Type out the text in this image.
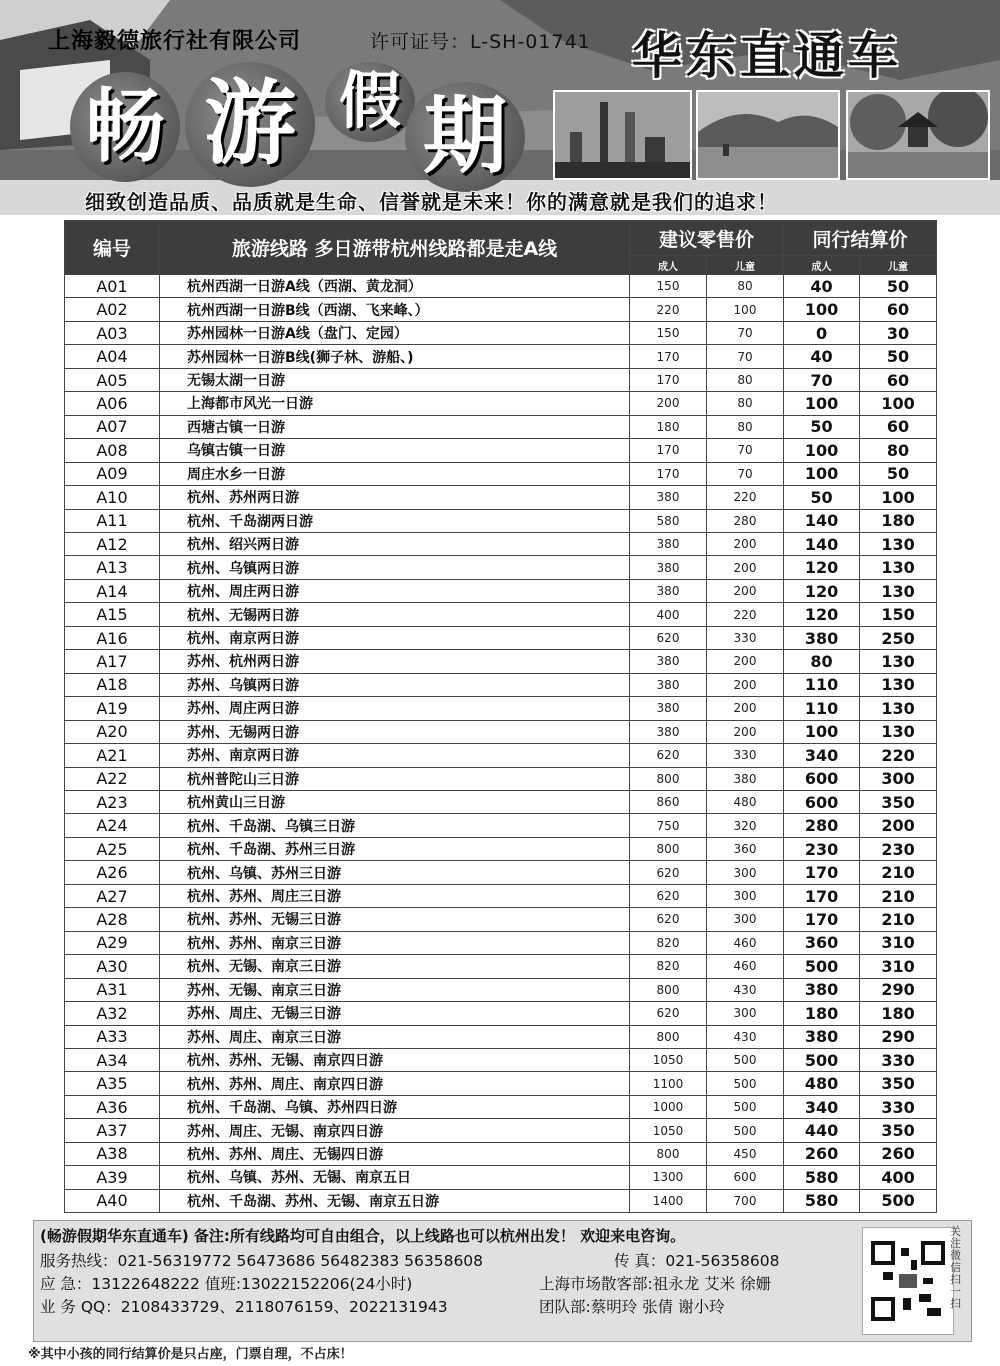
上海毅德旅行社有限公司	许可证号：L-SH-01741 华东直通车
畅 游 假 期
细致创造品质、品质就是生命、信誉就是未来！你的满意就是我们的追求！
编号	旅游线路 多日游带杭州线路都是走A线	建议零售价		同行结算价	
		成人	儿童	成人	儿童
A01	杭州西湖一日游A线（西湖、黄龙洞）	150	80	40	50
A02	杭州西湖一日游B线（西湖、飞来峰、）	220	100	100	60
A03	苏州园林一日游A线（盘门、定园）	150	70	0	30
A04	苏州园林一日游B线(狮子林、游船、)	170	70	40	50
A05	无锡太湖一日游	170	80	70	60
A06	上海都市风光一日游	200	80	100	100
A07	西塘古镇一日游	180	80	50	60
A08	乌镇古镇一日游	170	70	100	80
A09	周庄水乡一日游	170	70	100	50
A10	杭州、苏州两日游	380	220	50	100
A11	杭州、千岛湖两日游	580	280	140	180
A12	杭州、绍兴两日游	380	200	140	130
A13	杭州、乌镇两日游	380	200	120	130
A14	杭州、周庄两日游	380	200	120	130
A15	杭州、无锡两日游	400	220	120	150
A16	杭州、南京两日游	620	330	380	250
A17	苏州、杭州两日游	380	200	80	130
A18	苏州、乌镇两日游	380	200	110	130
A19	苏州、周庄两日游	380	200	110	130
A20	苏州、无锡两日游	380	200	100	130
A21	苏州、南京两日游	620	330	340	220
A22	杭州普陀山三日游	800	380	600	300
A23	杭州黄山三日游	860	480	600	350
A24	杭州、千岛湖、乌镇三日游	750	320	280	200
A25	杭州、千岛湖、苏州三日游	800	360	230	230
A26	杭州、乌镇、苏州三日游	620	300	170	210
A27	杭州、苏州、周庄三日游	620	300	170	210
A28	杭州、苏州、无锡三日游	620	300	170	210
A29	杭州、苏州、南京三日游	820	460	360	310
A30	杭州、无锡、南京三日游	820	460	500	310
A31	苏州、无锡、南京三日游	800	430	380	290
A32	苏州、周庄、无锡三日游	620	300	180	180
A33	苏州、周庄、南京三日游	800	430	380	290
A34	杭州、苏州、无锡、南京四日游	1050	500	500	330
A35	杭州、苏州、周庄、南京四日游	1100	500	480	350
A36	杭州、千岛湖、乌镇、苏州四日游	1000	500	340	330
A37	苏州、周庄、无锡、南京四日游	1050	500	440	350
A38	杭州、苏州、周庄、无锡四日游	800	450	260	260
A39	杭州、乌镇、苏州、无锡、南京五日	1300	600	580	400
A40	杭州、千岛湖、苏州、无锡、南京五日游	1400	700	580	500
(畅游假期华东直通车) 备注:所有线路均可自由组合，以上线路也可以杭州出发！ 欢迎来电咨询。
服务热线：021-56319772 56473686 56482383 56358608	传 真：021-56358608
应 急：13122648222 值班:13022152206(24小时)	上海市场散客部:祖永龙 艾米 徐姗
业 务 QQ：2108433729、2118076159、2022131943	团队部:蔡明玲 张倩 谢小玲
关注微信扫一扫
※其中小孩的同行结算价是只占座，门票自理，不占床！
